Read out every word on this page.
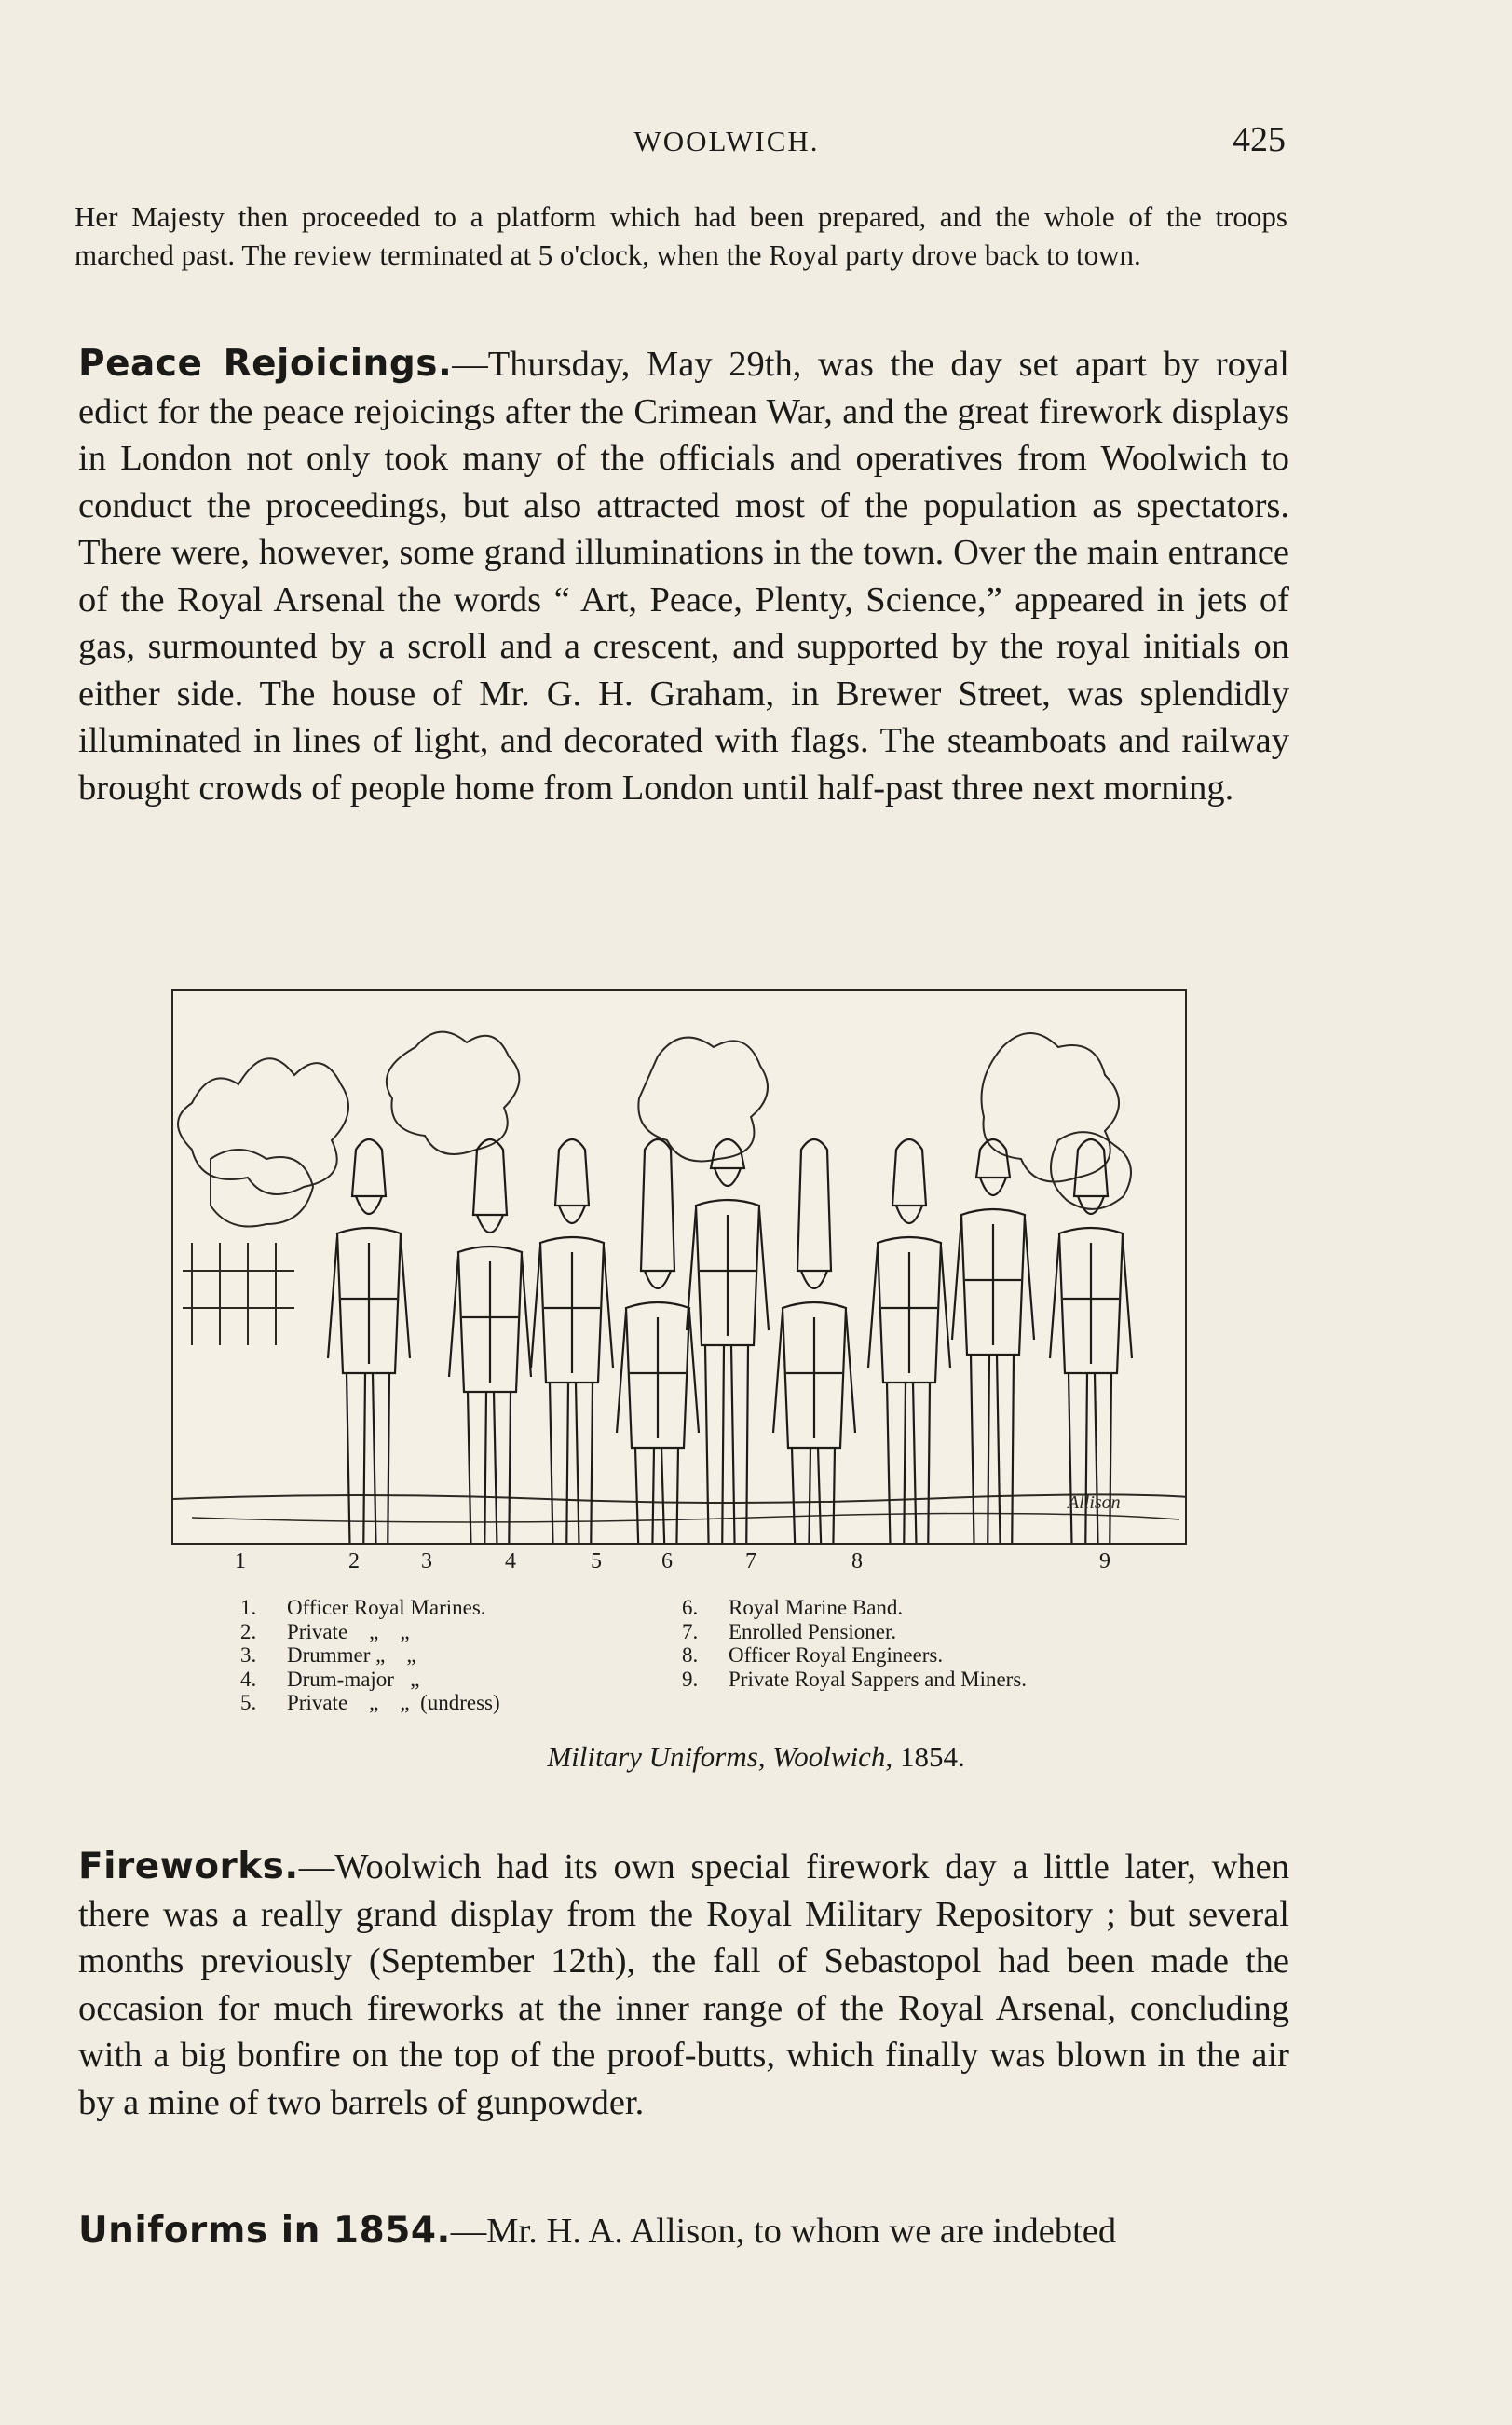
WOOLWICH.	425
Her Majesty then proceeded to a platform which had been prepared, and the whole of the troops marched past. The review terminated at 5 o'clock, when the Royal party drove back to town.
Peace Rejoicings.—Thursday, May 29th, was the day set apart by royal edict for the peace rejoicings after the Crimean War, and the great firework displays in London not only took many of the officials and operatives from Woolwich to conduct the proceedings, but also attracted most of the population as spectators. There were, however, some grand illuminations in the town. Over the main entrance of the Royal Arsenal the words “ Art, Peace, Plenty, Science,” appeared in jets of gas, surmounted by a scroll and a crescent, and supported by the royal initials on either side. The house of Mr. G. H. Graham, in Brewer Street, was splendidly illuminated in lines of light, and decorated with flags. The steamboats and railway brought crowds of people home from London until half-past three next morning.
Allison
1	2	3	4	5	6	7	8	9
1. Officer Royal Marines.
2. Private    „    „
3. Drummer „    „
4. Drum-major   „
5. Private    „    „  (undress)
6. Royal Marine Band.
7. Enrolled Pensioner.
8. Officer Royal Engineers.
9. Private Royal Sappers and Miners.
Military Uniforms, Woolwich, 1854.
Fireworks.—Woolwich had its own special firework day a little later, when there was a really grand display from the Royal Military Repository ; but several months previously (September 12th), the fall of Sebastopol had been made the occasion for much fireworks at the inner range of the Royal Arsenal, concluding with a big bonfire on the top of the proof-butts, which finally was blown in the air by a mine of two barrels of gunpowder.
Uniforms in 1854.—Mr. H. A. Allison, to whom we are indebted
